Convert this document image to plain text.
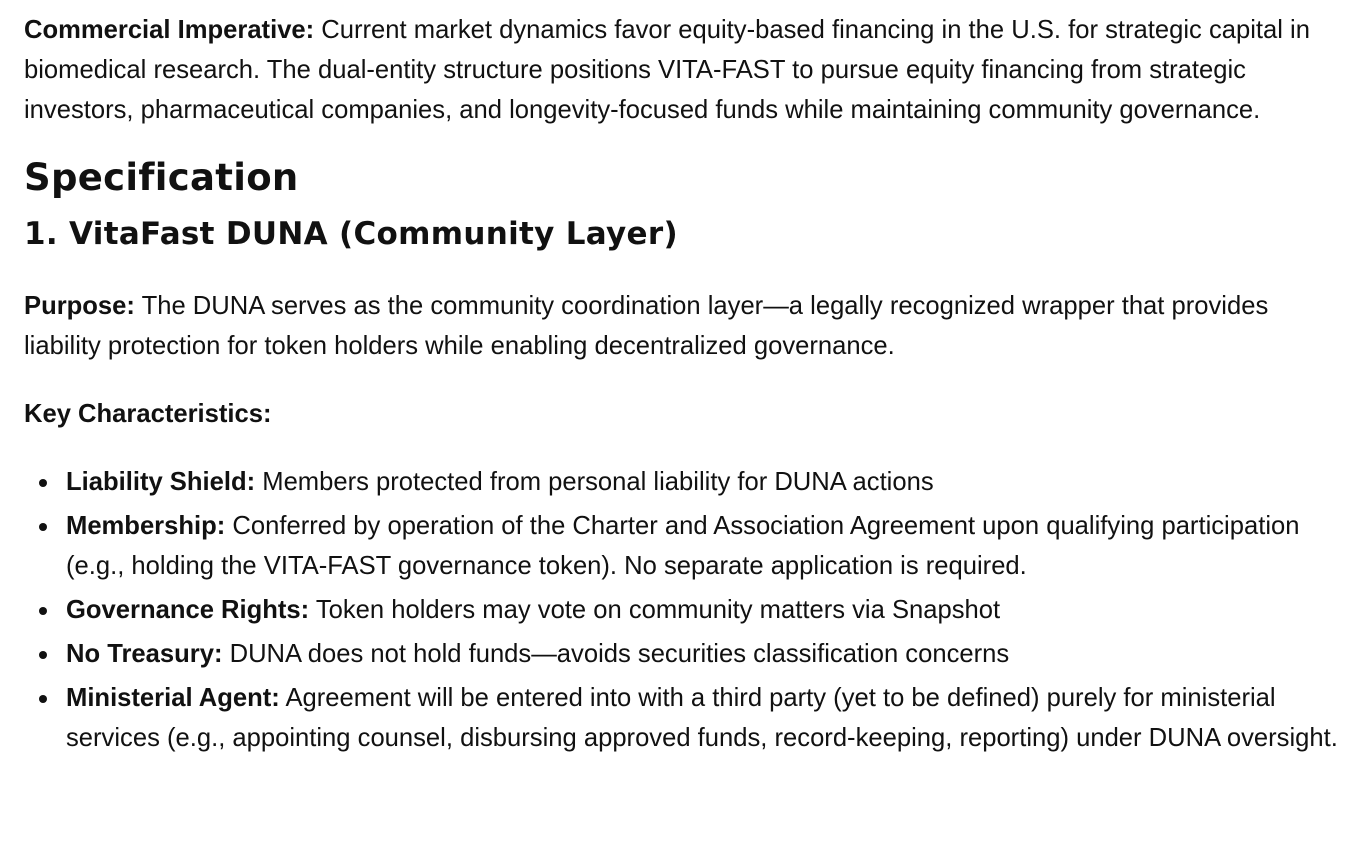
Commercial Imperative: Current market dynamics favor equity-based financing in the U.S. for strategic capital in biomedical research. The dual-entity structure positions VITA-FAST to pursue equity financing from strategic investors, pharmaceutical companies, and longevity-focused funds while maintaining community governance.

Specification
1. VitaFast DUNA (Community Layer)

Purpose: The DUNA serves as the community coordination layer—a legally recognized wrapper that provides liability protection for token holders while enabling decentralized governance.

Key Characteristics:

Liability Shield: Members protected from personal liability for DUNA actions
Membership: Conferred by operation of the Charter and Association Agreement upon qualifying participation (e.g., holding the VITA-FAST governance token). No separate application is required.
Governance Rights: Token holders may vote on community matters via Snapshot
No Treasury: DUNA does not hold funds—avoids securities classification concerns
Ministerial Agent: Agreement will be entered into with a third party (yet to be defined) purely for ministerial services (e.g., appointing counsel, disbursing approved funds, record-keeping, reporting) under DUNA oversight.
